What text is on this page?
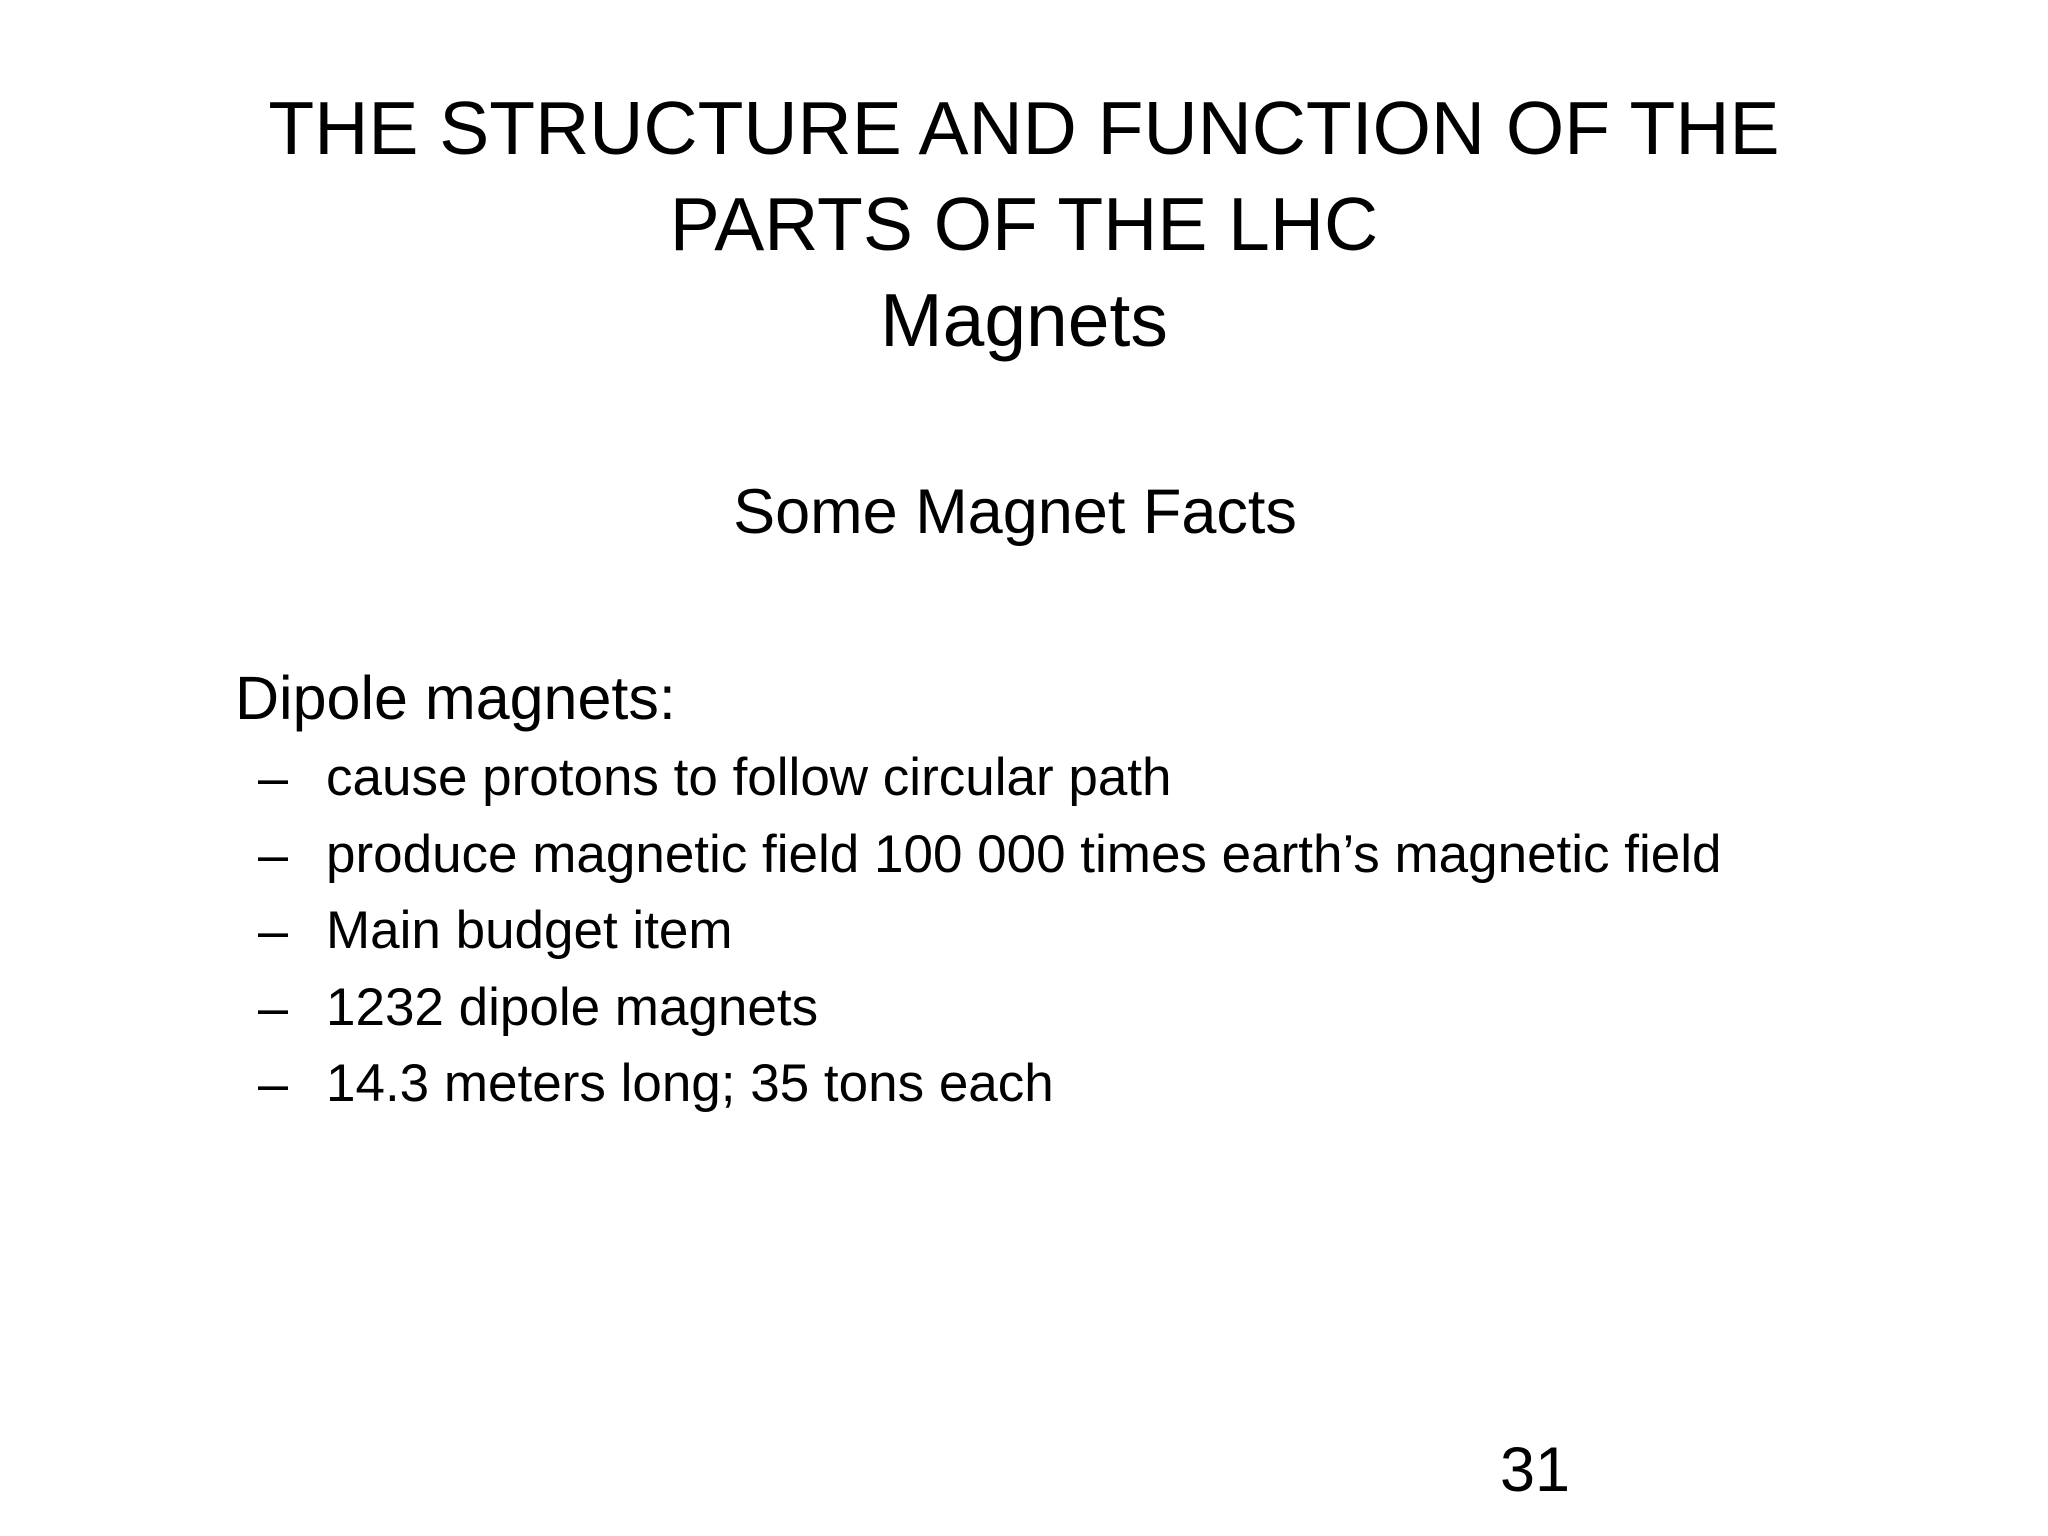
THE STRUCTURE AND FUNCTION OF THE
PARTS OF THE LHC
Magnets
Some Magnet Facts
Dipole magnets:
– cause protons to follow circular path
– produce magnetic field 100 000 times earth’s magnetic field
– Main budget item
– 1232 dipole magnets
– 14.3 meters long; 35 tons each
31
